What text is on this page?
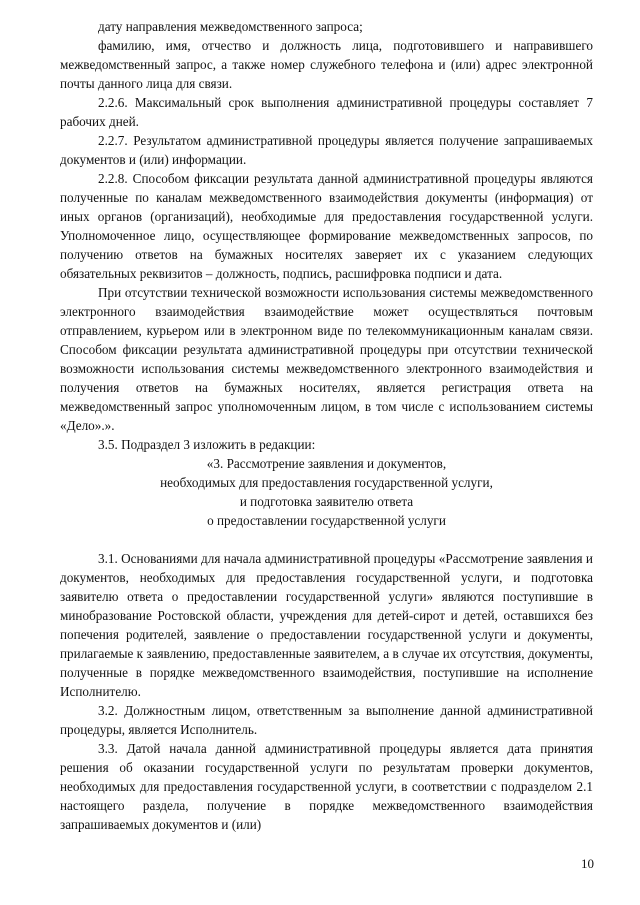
дату направления межведомственного запроса;

фамилию, имя, отчество и должность лица, подготовившего и направившего межведомственный запрос, а также номер служебного телефона и (или) адрес электронной почты данного лица для связи.

2.2.6. Максимальный срок выполнения административной процедуры составляет 7 рабочих дней.

2.2.7. Результатом административной процедуры является получение запрашиваемых документов и (или) информации.

2.2.8. Способом фиксации результата данной административной процедуры являются полученные по каналам межведомственного взаимодействия документы (информация) от иных органов (организаций), необходимые для предоставления государственной услуги. Уполномоченное лицо, осуществляющее формирование межведомственных запросов, по получению ответов на бумажных носителях заверяет их с указанием следующих обязательных реквизитов – должность, подпись, расшифровка подписи и дата.

При отсутствии технической возможности использования системы межведомственного электронного взаимодействия взаимодействие может осуществляться почтовым отправлением, курьером или в электронном виде по телекоммуникационным каналам связи. Способом фиксации результата административной процедуры при отсутствии технической возможности использования системы межведомственного электронного взаимодействия и получения ответов на бумажных носителях, является регистрация ответа на межведомственный запрос уполномоченным лицом, в том числе с использованием системы «Дело».».

3.5. Подраздел 3 изложить в редакции:

«3. Рассмотрение заявления и документов,

необходимых для предоставления государственной услуги,

и подготовка заявителю ответа

о предоставлении государственной услуги

3.1. Основаниями для начала административной процедуры «Рассмотрение заявления и документов, необходимых для предоставления государственной услуги, и подготовка заявителю ответа о предоставлении государственной услуги» являются поступившие в минобразование Ростовской области, учреждения для детей-сирот и детей, оставшихся без попечения родителей, заявление о предоставлении государственной услуги и документы, прилагаемые к заявлению, предоставленные заявителем, а в случае их отсутствия, документы, полученные в порядке межведомственного взаимодействия, поступившие на исполнение Исполнителю.

3.2. Должностным лицом, ответственным за выполнение данной административной процедуры, является Исполнитель.

3.3. Датой начала данной административной процедуры является дата принятия решения об оказании государственной услуги по результатам проверки документов, необходимых для предоставления государственной услуги, в соответствии с подразделом 2.1 настоящего раздела, получение в порядке межведомственного взаимодействия запрашиваемых документов и (или)

10
